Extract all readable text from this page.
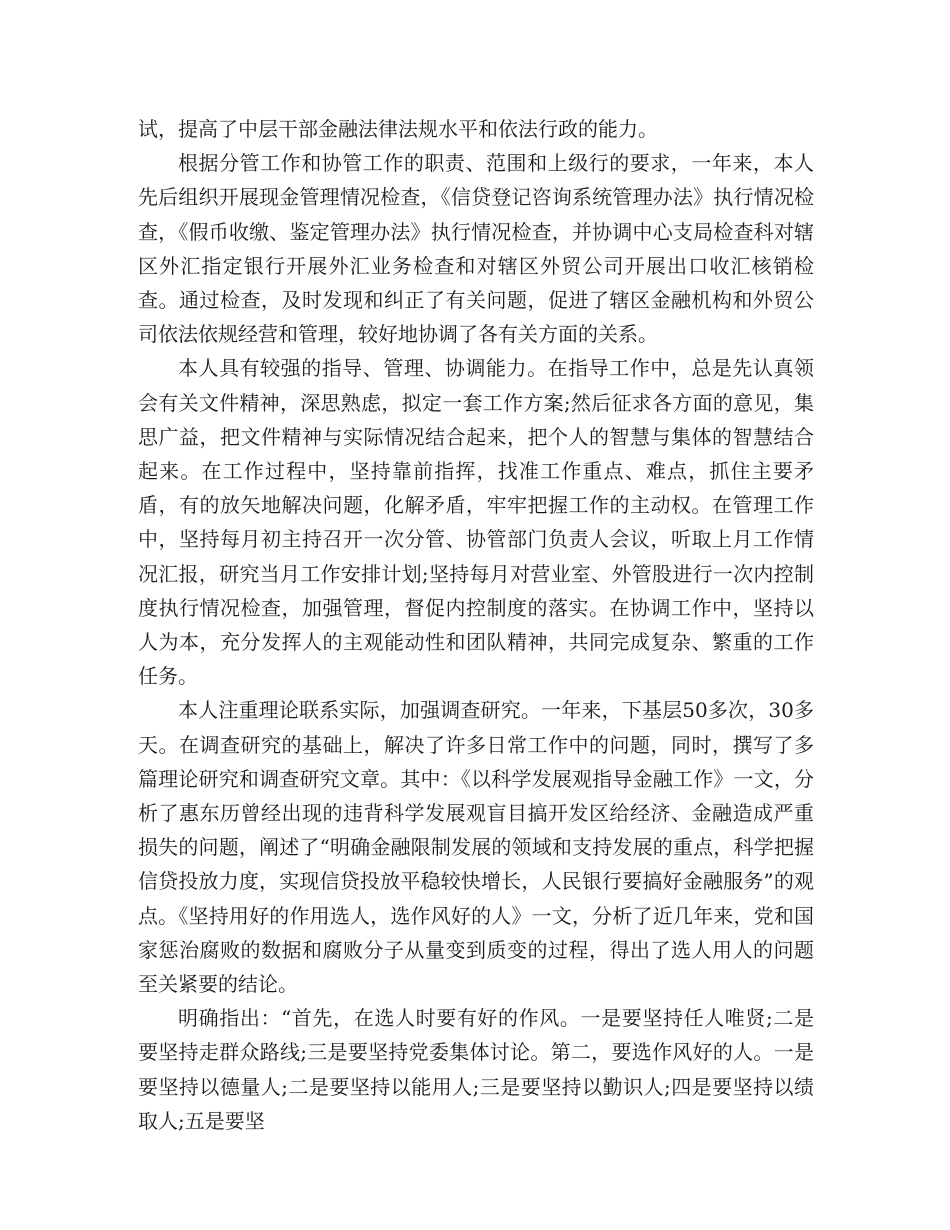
试，提高了中层干部金融法律法规水平和依法行政的能力。

根据分管工作和协管工作的职责、范围和上级行的要求，一年来，本人先后组织开展现金管理情况检查，《信贷登记咨询系统管理办法》执行情况检查，《假币收缴、鉴定管理办法》执行情况检查，并协调中心支局检查科对辖区外汇指定银行开展外汇业务检查和对辖区外贸公司开展出口收汇核销检查。通过检查，及时发现和纠正了有关问题，促进了辖区金融机构和外贸公司依法依规经营和管理，较好地协调了各有关方面的关系。

本人具有较强的指导、管理、协调能力。在指导工作中，总是先认真领会有关文件精神，深思熟虑，拟定一套工作方案;然后征求各方面的意见，集思广益，把文件精神与实际情况结合起来，把个人的智慧与集体的智慧结合起来。在工作过程中，坚持靠前指挥，找准工作重点、难点，抓住主要矛盾，有的放矢地解决问题，化解矛盾，牢牢把握工作的主动权。在管理工作中，坚持每月初主持召开一次分管、协管部门负责人会议，听取上月工作情况汇报，研究当月工作安排计划;坚持每月对营业室、外管股进行一次内控制度执行情况检查，加强管理，督促内控制度的落实。在协调工作中，坚持以人为本，充分发挥人的主观能动性和团队精神，共同完成复杂、繁重的工作任务。

本人注重理论联系实际，加强调查研究。一年来，下基层50多次，30多天。在调查研究的基础上，解决了许多日常工作中的问题，同时，撰写了多篇理论研究和调查研究文章。其中：《以科学发展观指导金融工作》一文，分析了惠东历曾经出现的违背科学发展观盲目搞开发区给经济、金融造成严重损失的问题，阐述了“明确金融限制发展的领域和支持发展的重点，科学把握信贷投放力度，实现信贷投放平稳较快增长，人民银行要搞好金融服务”的观点。《坚持用好的作用选人，选作风好的人》一文，分析了近几年来，党和国家惩治腐败的数据和腐败分子从量变到质变的过程，得出了选人用人的问题至关紧要的结论。

明确指出：“首先，在选人时要有好的作风。一是要坚持任人唯贤;二是要坚持走群众路线;三是要坚持党委集体讨论。第二，要选作风好的人。一是要坚持以德量人;二是要坚持以能用人;三是要坚持以勤识人;四是要坚持以绩取人;五是要坚
